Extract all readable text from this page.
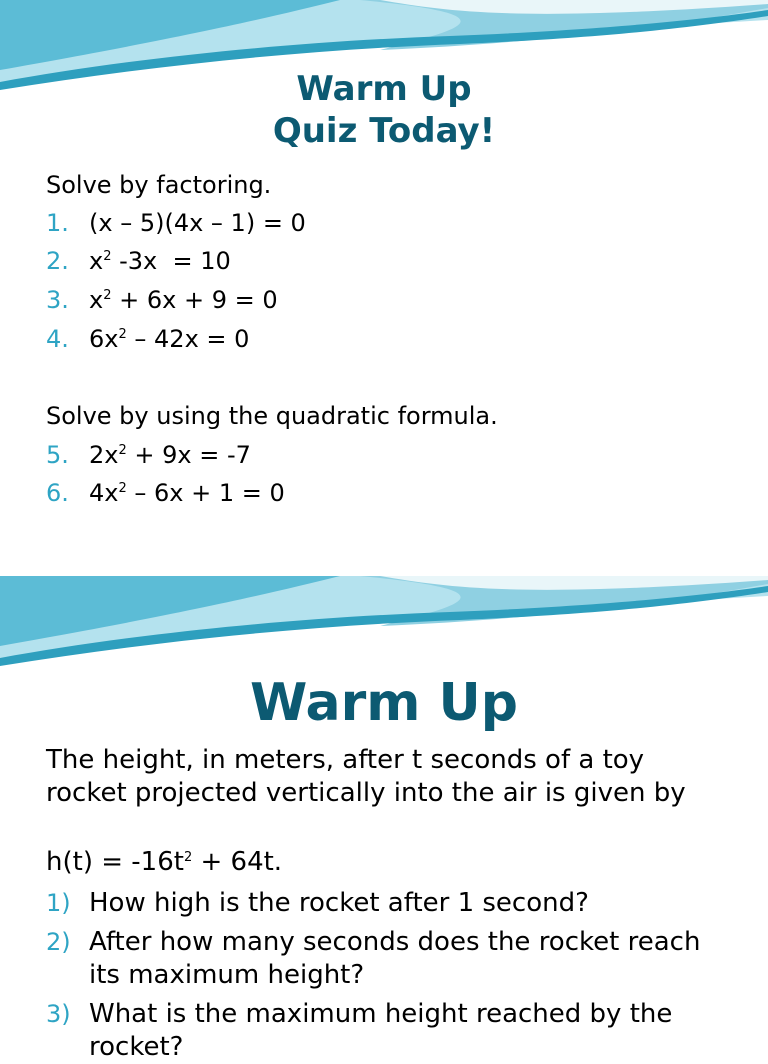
Warm Up
Quiz Today!
Solve by factoring.
1. (x – 5)(4x – 1) = 0
2. $x^2$ -3x  = 10
3. $x^2 + 6x + 9 = 0$
4. $6x^2 - 42x = 0$
Solve by using the quadratic formula.
5. $2x^2 + 9x = -7$
6. $4x^2 - 6x + 1 = 0$
Warm Up
The height, in meters, after t seconds of a toy rocket projected vertically into the air is given by
$h(t) = -16t^2 + 64t$.
1) How high is the rocket after 1 second?
2) After how many seconds does the rocket reach its maximum height?
3) What is the maximum height reached by the rocket?
